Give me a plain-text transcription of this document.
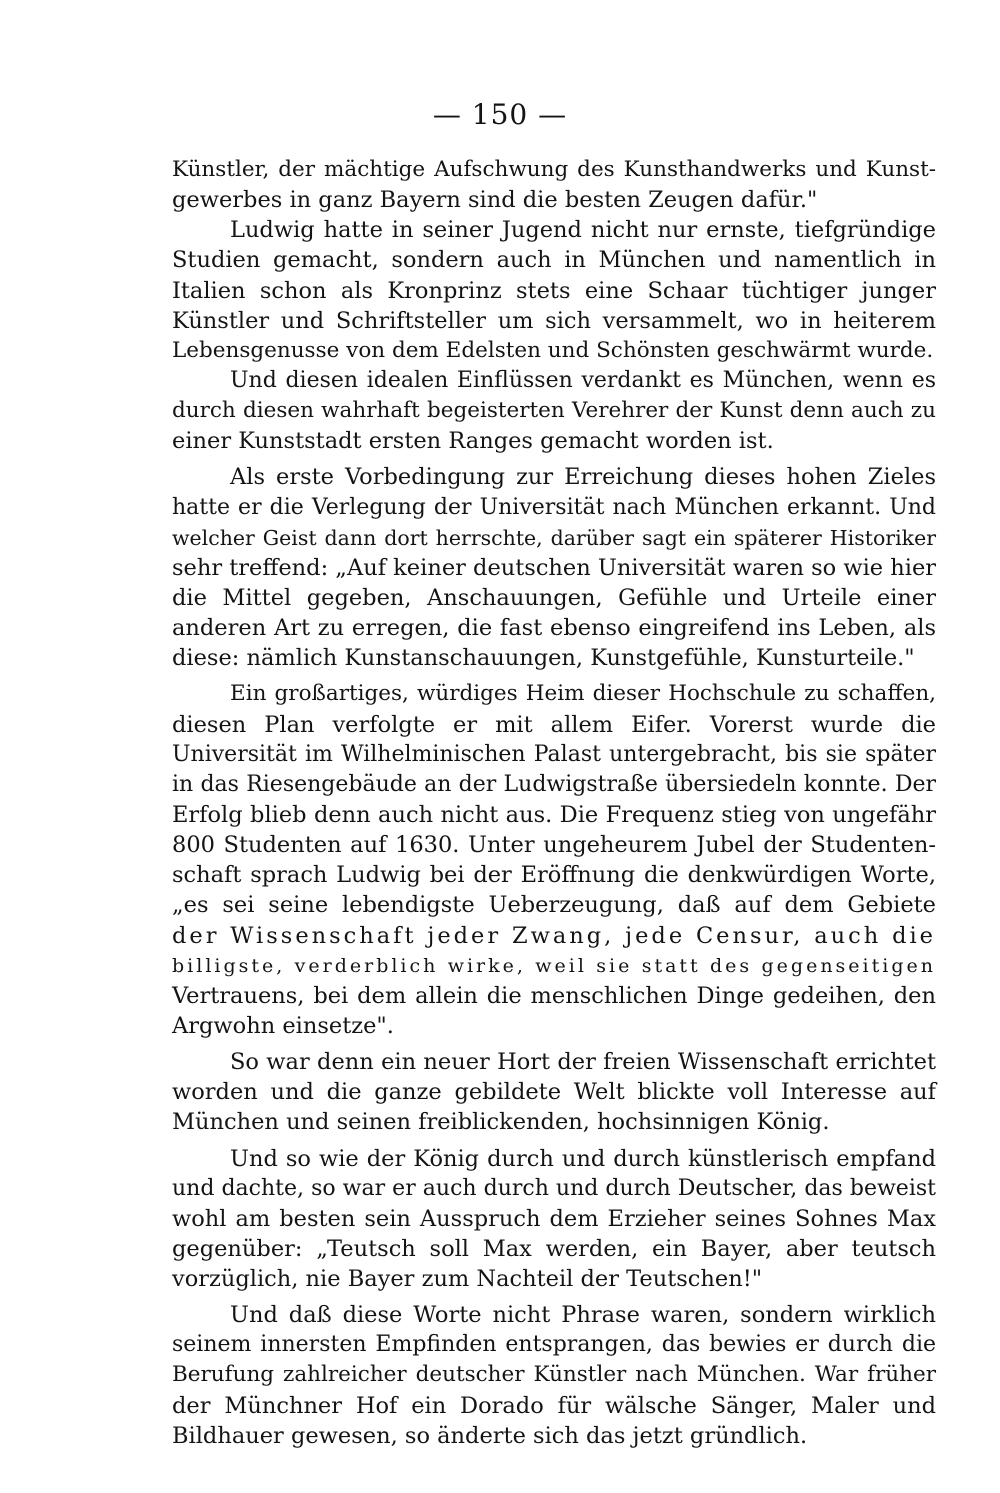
— 150 —
Künstler, der mächtige Aufschwung des Kunsthandwerks und Kunst-
gewerbes in ganz Bayern sind die besten Zeugen dafür."
Ludwig hatte in seiner Jugend nicht nur ernste, tiefgründige
Studien gemacht, sondern auch in München und namentlich in
Italien schon als Kronprinz stets eine Schaar tüchtiger junger
Künstler und Schriftsteller um sich versammelt, wo in heiterem
Lebensgenusse von dem Edelsten und Schönsten geschwärmt wurde.
Und diesen idealen Einflüssen verdankt es München, wenn es
durch diesen wahrhaft begeisterten Verehrer der Kunst denn auch zu
einer Kunststadt ersten Ranges gemacht worden ist.
Als erste Vorbedingung zur Erreichung dieses hohen Zieles
hatte er die Verlegung der Universität nach München erkannt. Und
welcher Geist dann dort herrschte, darüber sagt ein späterer Historiker
sehr treffend: „Auf keiner deutschen Universität waren so wie hier
die Mittel gegeben, Anschauungen, Gefühle und Urteile einer
anderen Art zu erregen, die fast ebenso eingreifend ins Leben, als
diese: nämlich Kunstanschauungen, Kunstgefühle, Kunsturteile."
Ein großartiges, würdiges Heim dieser Hochschule zu schaffen,
diesen Plan verfolgte er mit allem Eifer. Vorerst wurde die
Universität im Wilhelminischen Palast untergebracht, bis sie später
in das Riesengebäude an der Ludwigstraße übersiedeln konnte. Der
Erfolg blieb denn auch nicht aus. Die Frequenz stieg von ungefähr
800 Studenten auf 1630. Unter ungeheurem Jubel der Studenten-
schaft sprach Ludwig bei der Eröffnung die denkwürdigen Worte,
„es sei seine lebendigste Ueberzeugung, daß auf dem Gebiete
der Wissenschaft jeder Zwang, jede Censur, auch die
billigste, verderblich wirke, weil sie statt des gegenseitigen
Vertrauens, bei dem allein die menschlichen Dinge gedeihen, den
Argwohn einsetze".
So war denn ein neuer Hort der freien Wissenschaft errichtet
worden und die ganze gebildete Welt blickte voll Interesse auf
München und seinen freiblickenden, hochsinnigen König.
Und so wie der König durch und durch künstlerisch empfand
und dachte, so war er auch durch und durch Deutscher, das beweist
wohl am besten sein Ausspruch dem Erzieher seines Sohnes Max
gegenüber: „Teutsch soll Max werden, ein Bayer, aber teutsch
vorzüglich, nie Bayer zum Nachteil der Teutschen!"
Und daß diese Worte nicht Phrase waren, sondern wirklich
seinem innersten Empfinden entsprangen, das bewies er durch die
Berufung zahlreicher deutscher Künstler nach München. War früher
der Münchner Hof ein Dorado für wälsche Sänger, Maler und
Bildhauer gewesen, so änderte sich das jetzt gründlich.
